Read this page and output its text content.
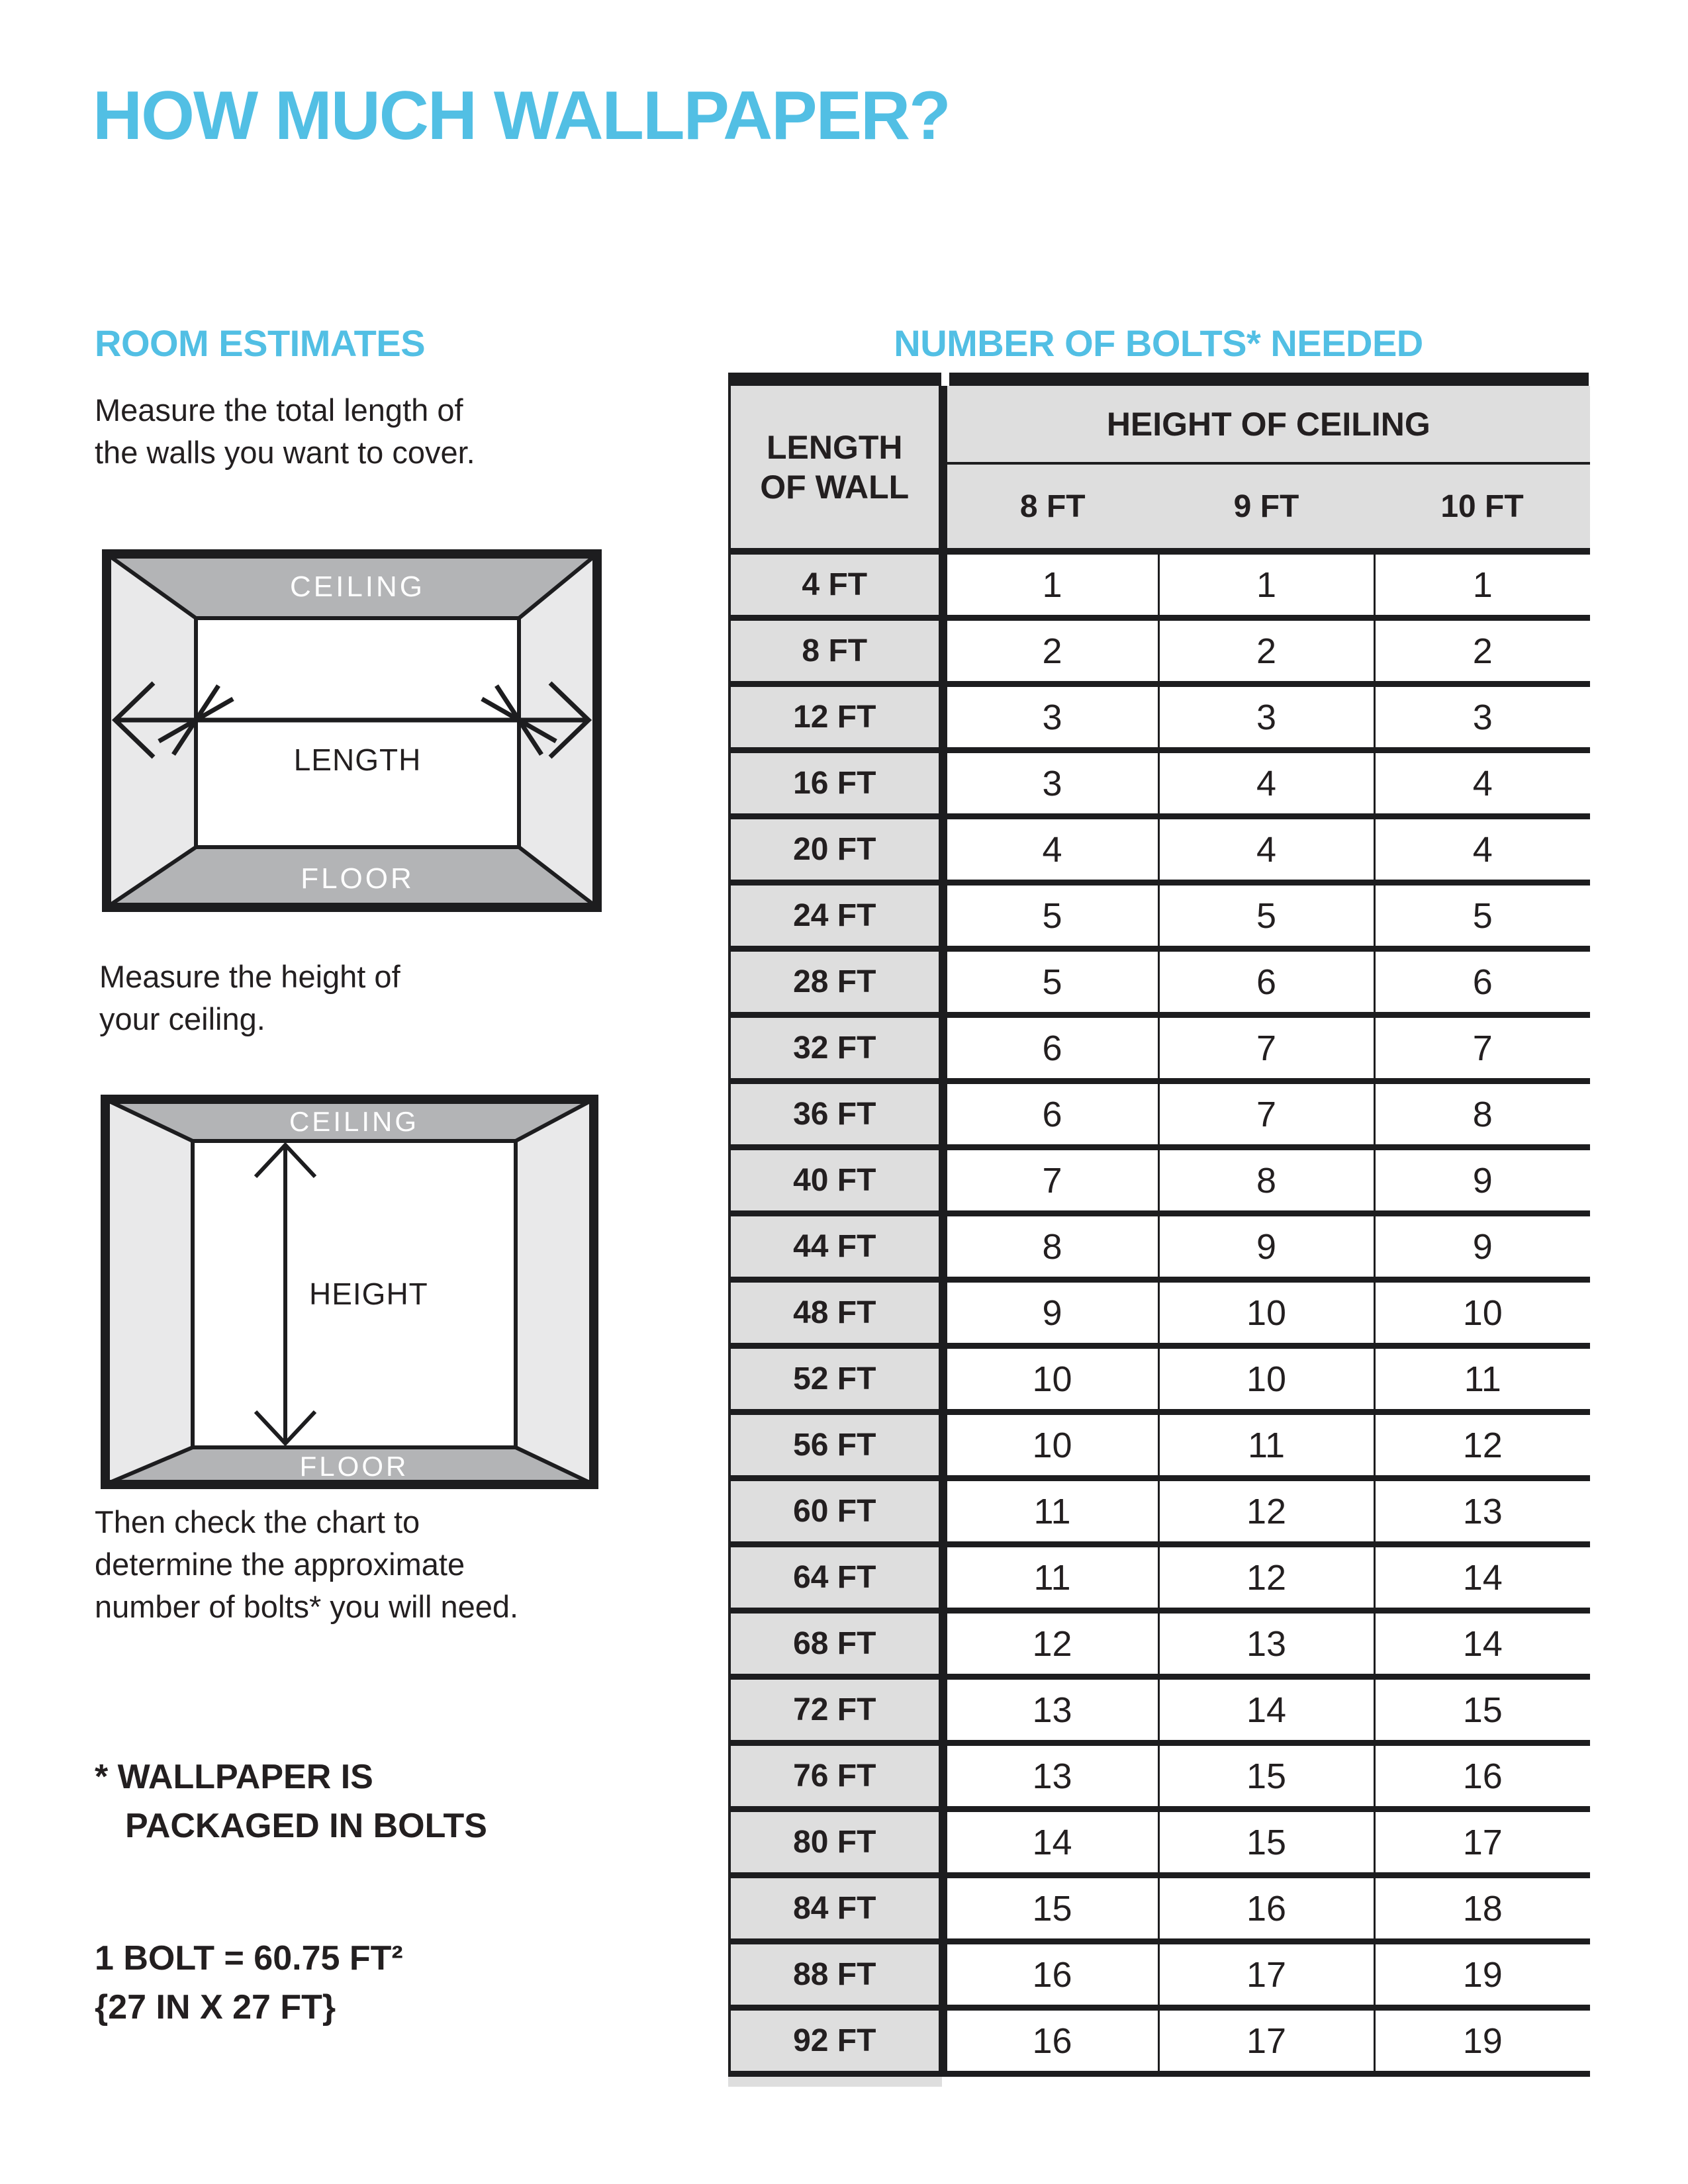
HOW MUCH WALLPAPER?
ROOM ESTIMATES	NUMBER OF BOLTS* NEEDED
Measure the total length of
the walls you want to cover.
CEILING
LENGTH
FLOOR
Measure the height of
your ceiling.
CEILING
HEIGHT
FLOOR
Then check the chart to
determine the approximate
number of bolts* you will need.
* WALLPAPER IS
PACKAGED IN BOLTS
1 BOLT = 60.75 FT²
{27 IN X 27 FT}
LENGTH
OF WALL	HEIGHT OF CEILING		
	8 FT	9 FT	10 FT
4 FT	1	1	1
8 FT	2	2	2
12 FT	3	3	3
16 FT	3	4	4
20 FT	4	4	4
24 FT	5	5	5
28 FT	5	6	6
32 FT	6	7	7
36 FT	6	7	8
40 FT	7	8	9
44 FT	8	9	9
48 FT	9	10	10
52 FT	10	10	11
56 FT	10	11	12
60 FT	11	12	13
64 FT	11	12	14
68 FT	12	13	14
72 FT	13	14	15
76 FT	13	15	16
80 FT	14	15	17
84 FT	15	16	18
88 FT	16	17	19
92 FT	16	17	19
